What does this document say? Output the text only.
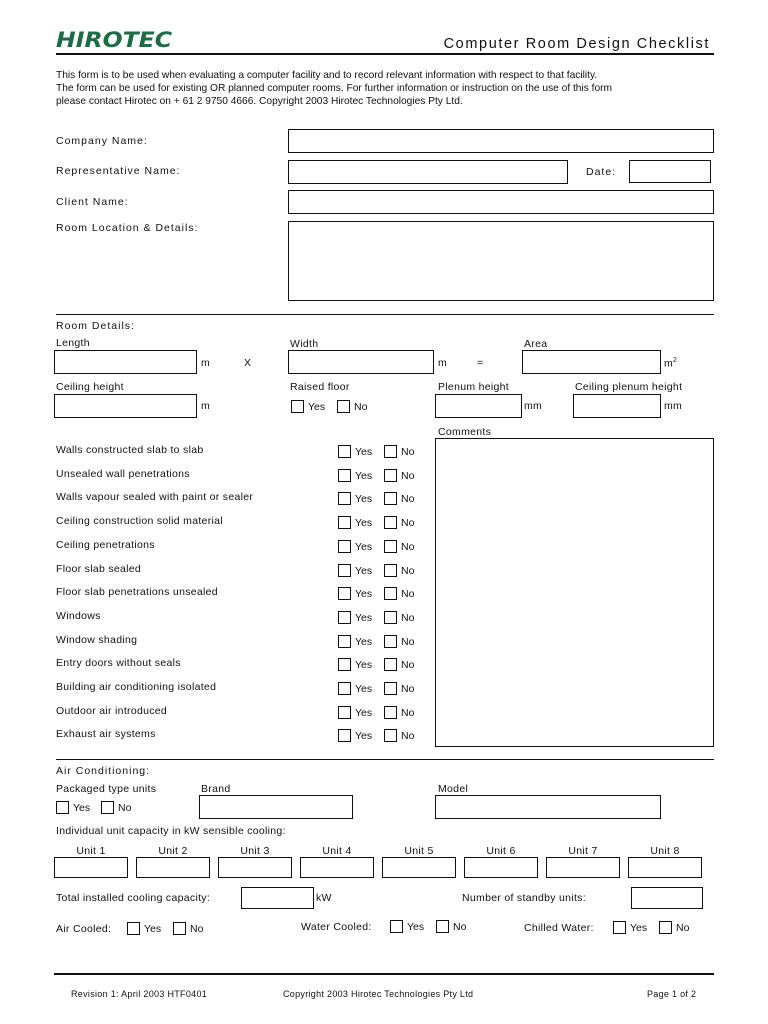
HIROTEC	Computer Room Design Checklist
This form is to be used when evaluating a computer facility and to record relevant information with respect to that facility.
The form can be used for existing OR planned computer rooms. For further information or instruction on the use of this form
please contact Hirotec on + 61 2 9750 4666. Copyright 2003 Hirotec Technologies Pty Ltd.
Company Name:
Representative Name:	Date:
Client Name:
Room Location & Details:
Room Details:
Length
m	X
Width
m	=
Area
$m^2$
Ceiling height
m
Raised floor
Yes	No
Plenum height
mm
Ceiling plenum height
mm
Comments
Walls constructed slab to slab	Yes	No
Unsealed wall penetrations	Yes	No
Walls vapour sealed with paint or sealer	Yes	No
Ceiling construction solid material	Yes	No
Ceiling penetrations	Yes	No
Floor slab sealed	Yes	No
Floor slab penetrations unsealed	Yes	No
Windows	Yes	No
Window shading	Yes	No
Entry doors without seals	Yes	No
Building air conditioning isolated	Yes	No
Outdoor air introduced	Yes	No
Exhaust air systems	Yes	No
Air Conditioning:
Packaged type units	Brand	Model
Yes	No
Individual unit capacity in kW sensible cooling:
Unit 1	Unit 2	Unit 3	Unit 4	Unit 5	Unit 6	Unit 7	Unit 8
Total installed cooling capacity:	kW	Number of standby units:
Air Cooled:	Yes	No	Water Cooled:	Yes	No	Chilled Water:	Yes	No
Revision 1: April 2003 HTF0401	Copyright 2003 Hirotec Technologies Pty Ltd	Page 1 of 2
